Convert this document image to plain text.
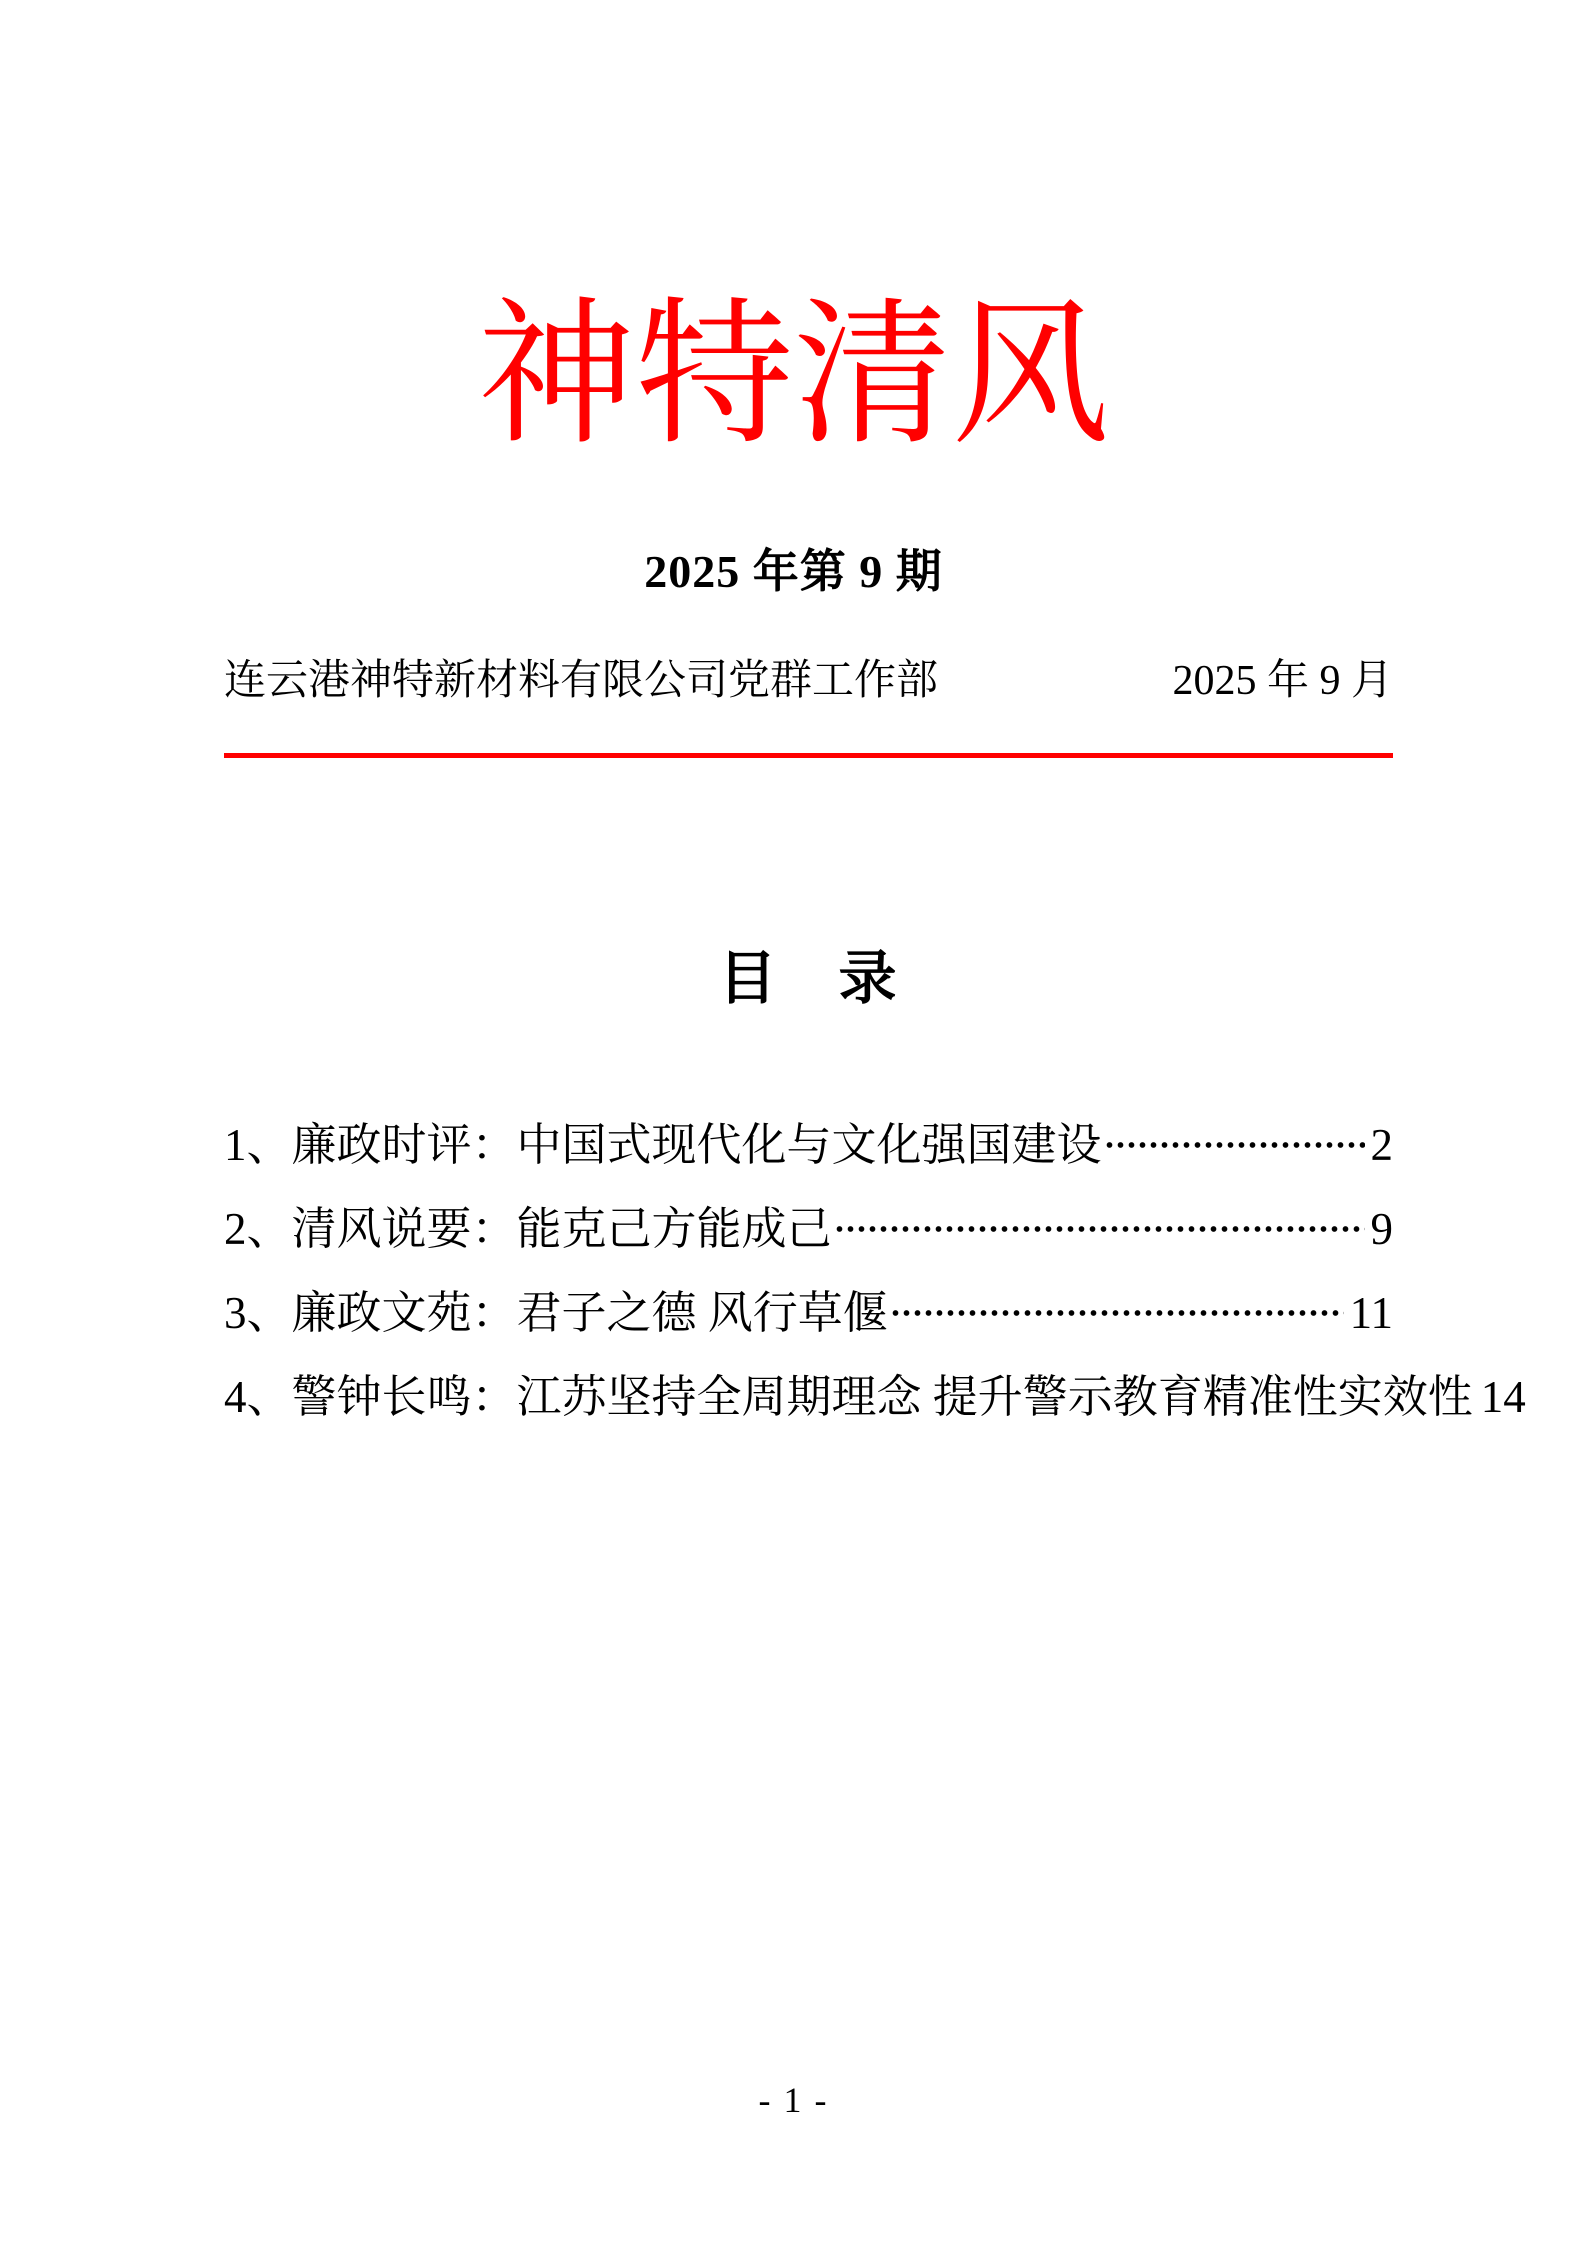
神特清风
2025 年第 9 期
连云港神特新材料有限公司党群工作部	2025 年 9 月
目　录
1、廉政时评：中国式现代化与文化强国建设	2
2、清风说要：能克己方能成己	9
3、廉政文苑：君子之德 风行草偃	11
4、警钟长鸣：江苏坚持全周期理念 提升警示教育精准性实效性 14
- 1 -
